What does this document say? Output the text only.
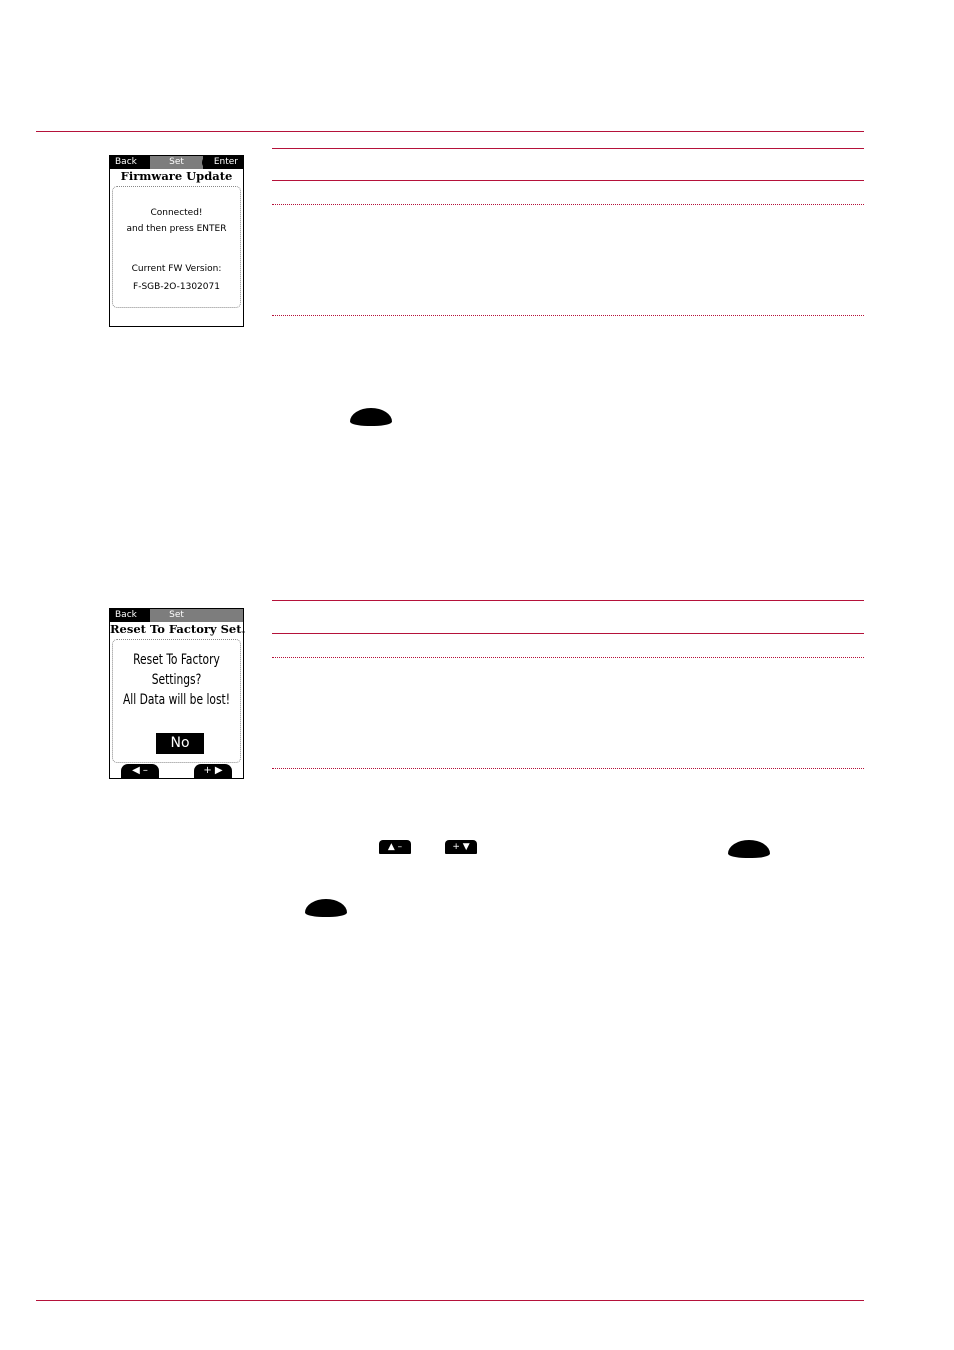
Back	Set	Enter
Firmware Update
Connected!
and then press ENTER
Current FW Version:
F-SGB-2O-1302071
Back	Set
Reset To Factory Set.
Reset To Factory
Settings?
All Data will be lost!
No
◀ –	+ ▶
▲ –	+ ▼
